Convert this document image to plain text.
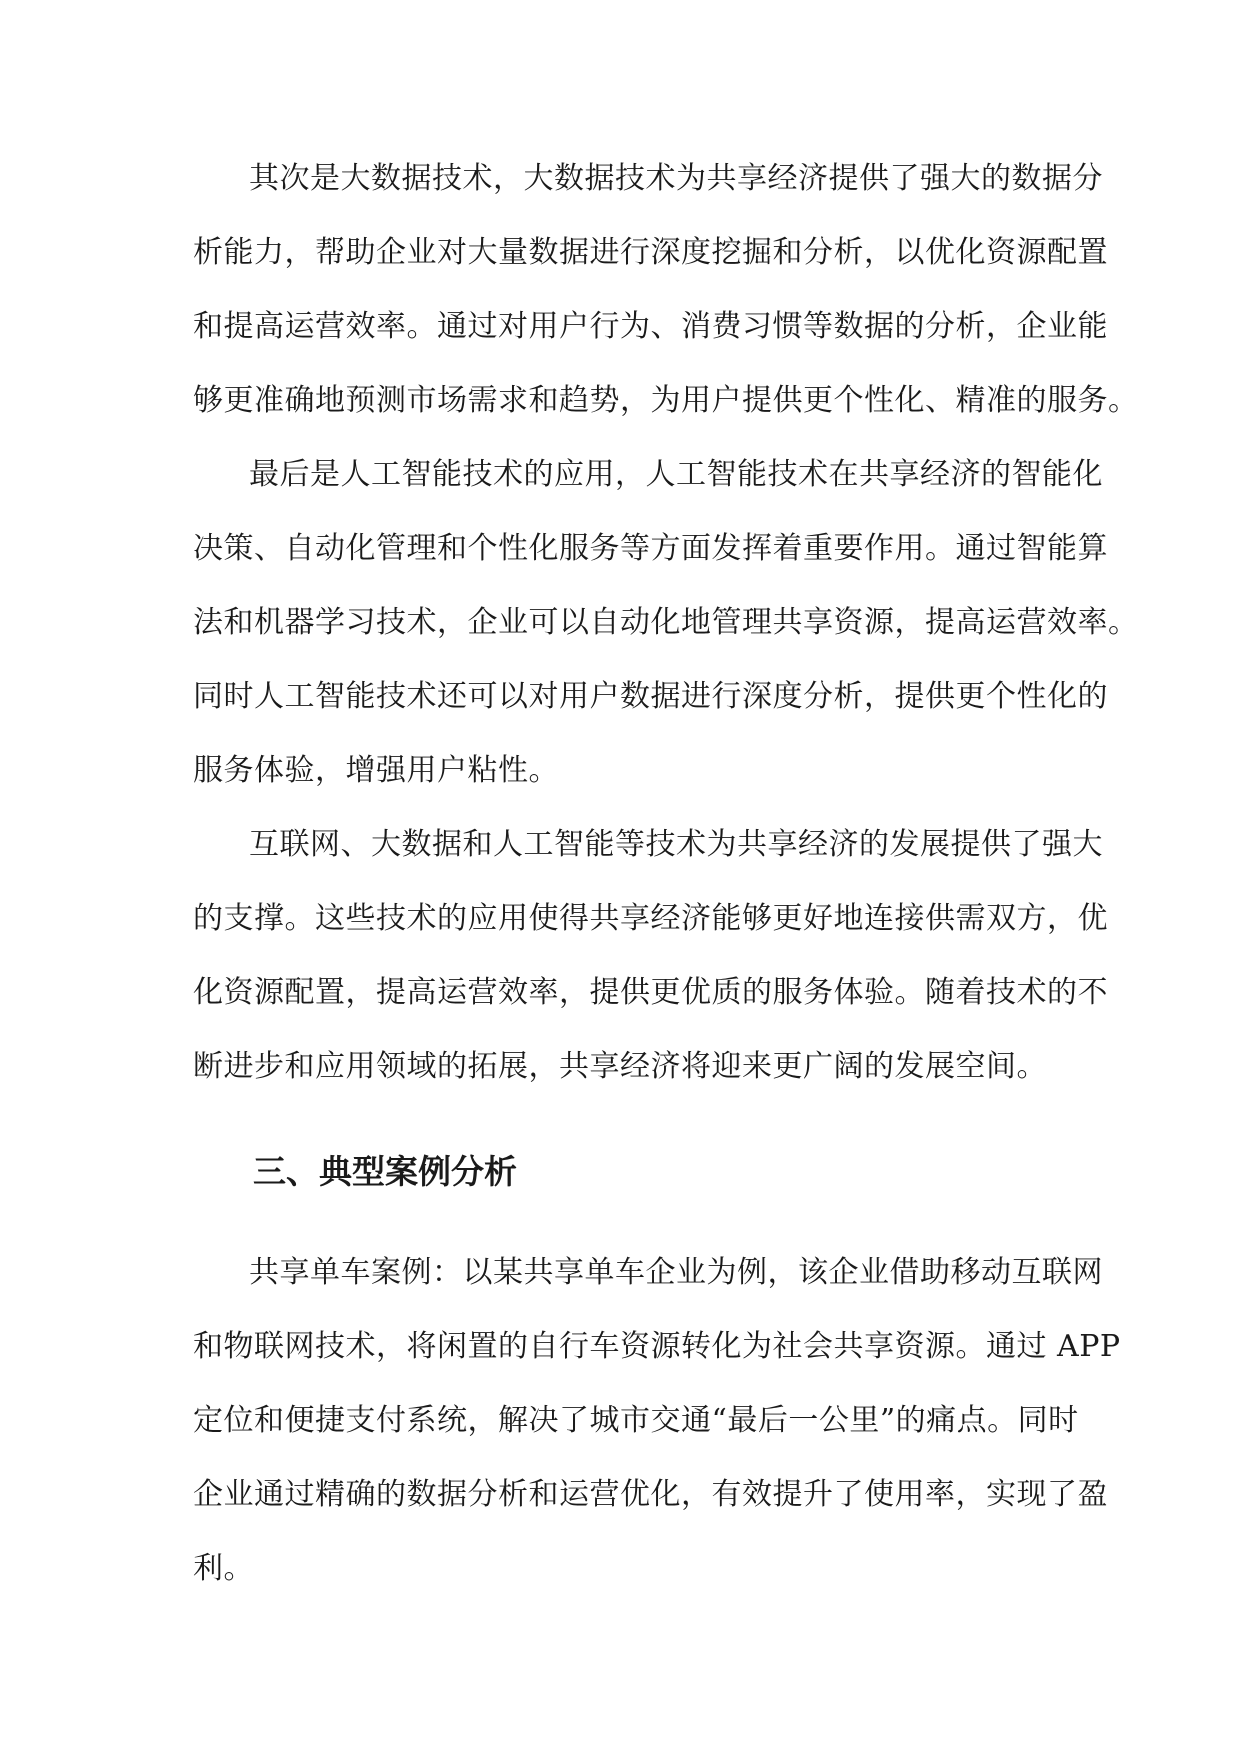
其次是大数据技术，大数据技术为共享经济提供了强大的数据分
析能力，帮助企业对大量数据进行深度挖掘和分析，以优化资源配置
和提高运营效率。通过对用户行为、消费习惯等数据的分析，企业能
够更准确地预测市场需求和趋势，为用户提供更个性化、精准的服务。
最后是人工智能技术的应用，人工智能技术在共享经济的智能化
决策、自动化管理和个性化服务等方面发挥着重要作用。通过智能算
法和机器学习技术，企业可以自动化地管理共享资源，提高运营效率。
同时人工智能技术还可以对用户数据进行深度分析，提供更个性化的
服务体验，增强用户粘性。
互联网、大数据和人工智能等技术为共享经济的发展提供了强大
的支撑。这些技术的应用使得共享经济能够更好地连接供需双方，优
化资源配置，提高运营效率，提供更优质的服务体验。随着技术的不
断进步和应用领域的拓展，共享经济将迎来更广阔的发展空间。
三、典型案例分析
共享单车案例：以某共享单车企业为例，该企业借助移动互联网
和物联网技术，将闲置的自行车资源转化为社会共享资源。通过 APP
定位和便捷支付系统，解决了城市交通“最后一公里”的痛点。同时
企业通过精确的数据分析和运营优化，有效提升了使用率，实现了盈
利。
